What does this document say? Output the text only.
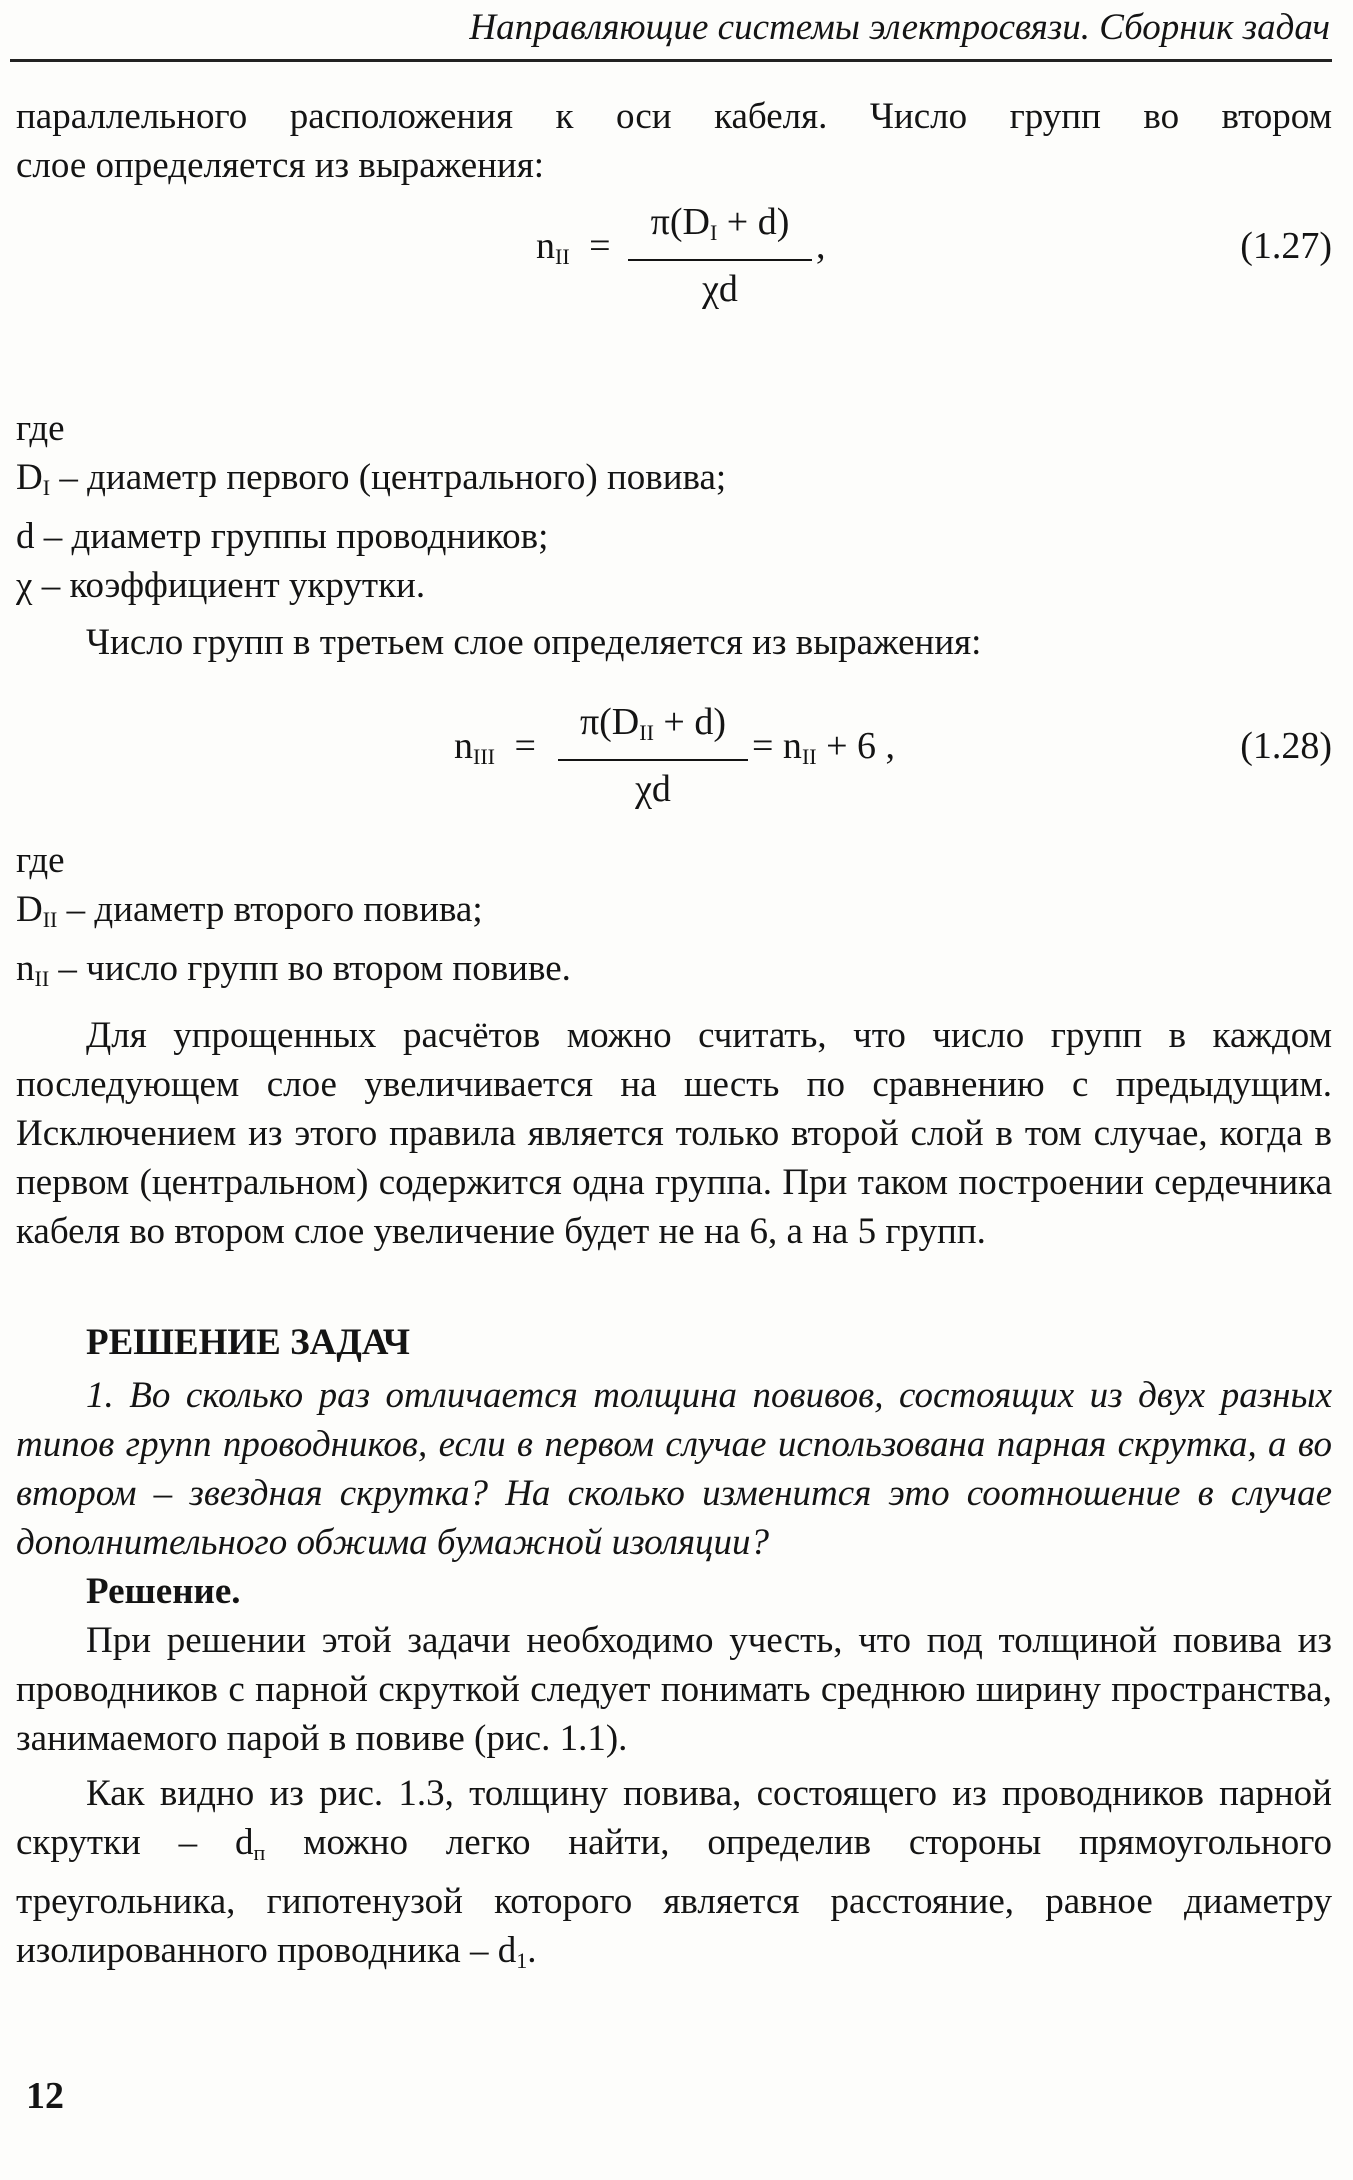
Направляющие системы электросвязи. Сборник задач

параллельного расположения к оси кабеля. Число групп во втором

слое определяется из выражения:

$n_{II} = \frac{\pi(D_I + d)}{\chi d}$ ,	(1.27)

где

$D_I$ – диаметр первого (центрального) повива;

d – диаметр группы проводников;

χ – коэффициент укрутки.

Число групп в третьем слое определяется из выражения:

$n_{III}$ =
$\pi(D_{II} + d)$
χd
= $n_{II} + 6$ ,	(1.28)

где

$D_{II}$ – диаметр второго повива;

$n_{II}$ – число групп во втором повиве.

Для упрощенных расчётов можно считать, что число групп в каждом последующем слое увеличивается на шесть по сравнению с предыдущим. Исключением из этого правила является только второй слой в том случае, когда в первом (центральном) содержится одна группа. При таком построении сердечника кабеля во втором слое увеличение будет не на 6, а на 5 групп.

РЕШЕНИЕ ЗАДАЧ

1. Во сколько раз отличается толщина повивов, состоящих из двух разных типов групп проводников, если в первом случае использована парная скрутка, а во втором – звездная скрутка? На сколько изменится это соотношение в случае дополнительного обжима бумажной изоляции?

Решение.

При решении этой задачи необходимо учесть, что под толщиной повива из проводников с парной скруткой следует понимать среднюю ширину пространства, занимаемого парой в повиве (рис. 1.1).

Как видно из рис. 1.3, толщину повива, состоящего из проводников парной скрутки – $d_п$ можно легко найти, определив стороны прямоугольного треугольника, гипотенузой которого является расстояние, равное диаметру изолированного проводника – $d_1$.

12
